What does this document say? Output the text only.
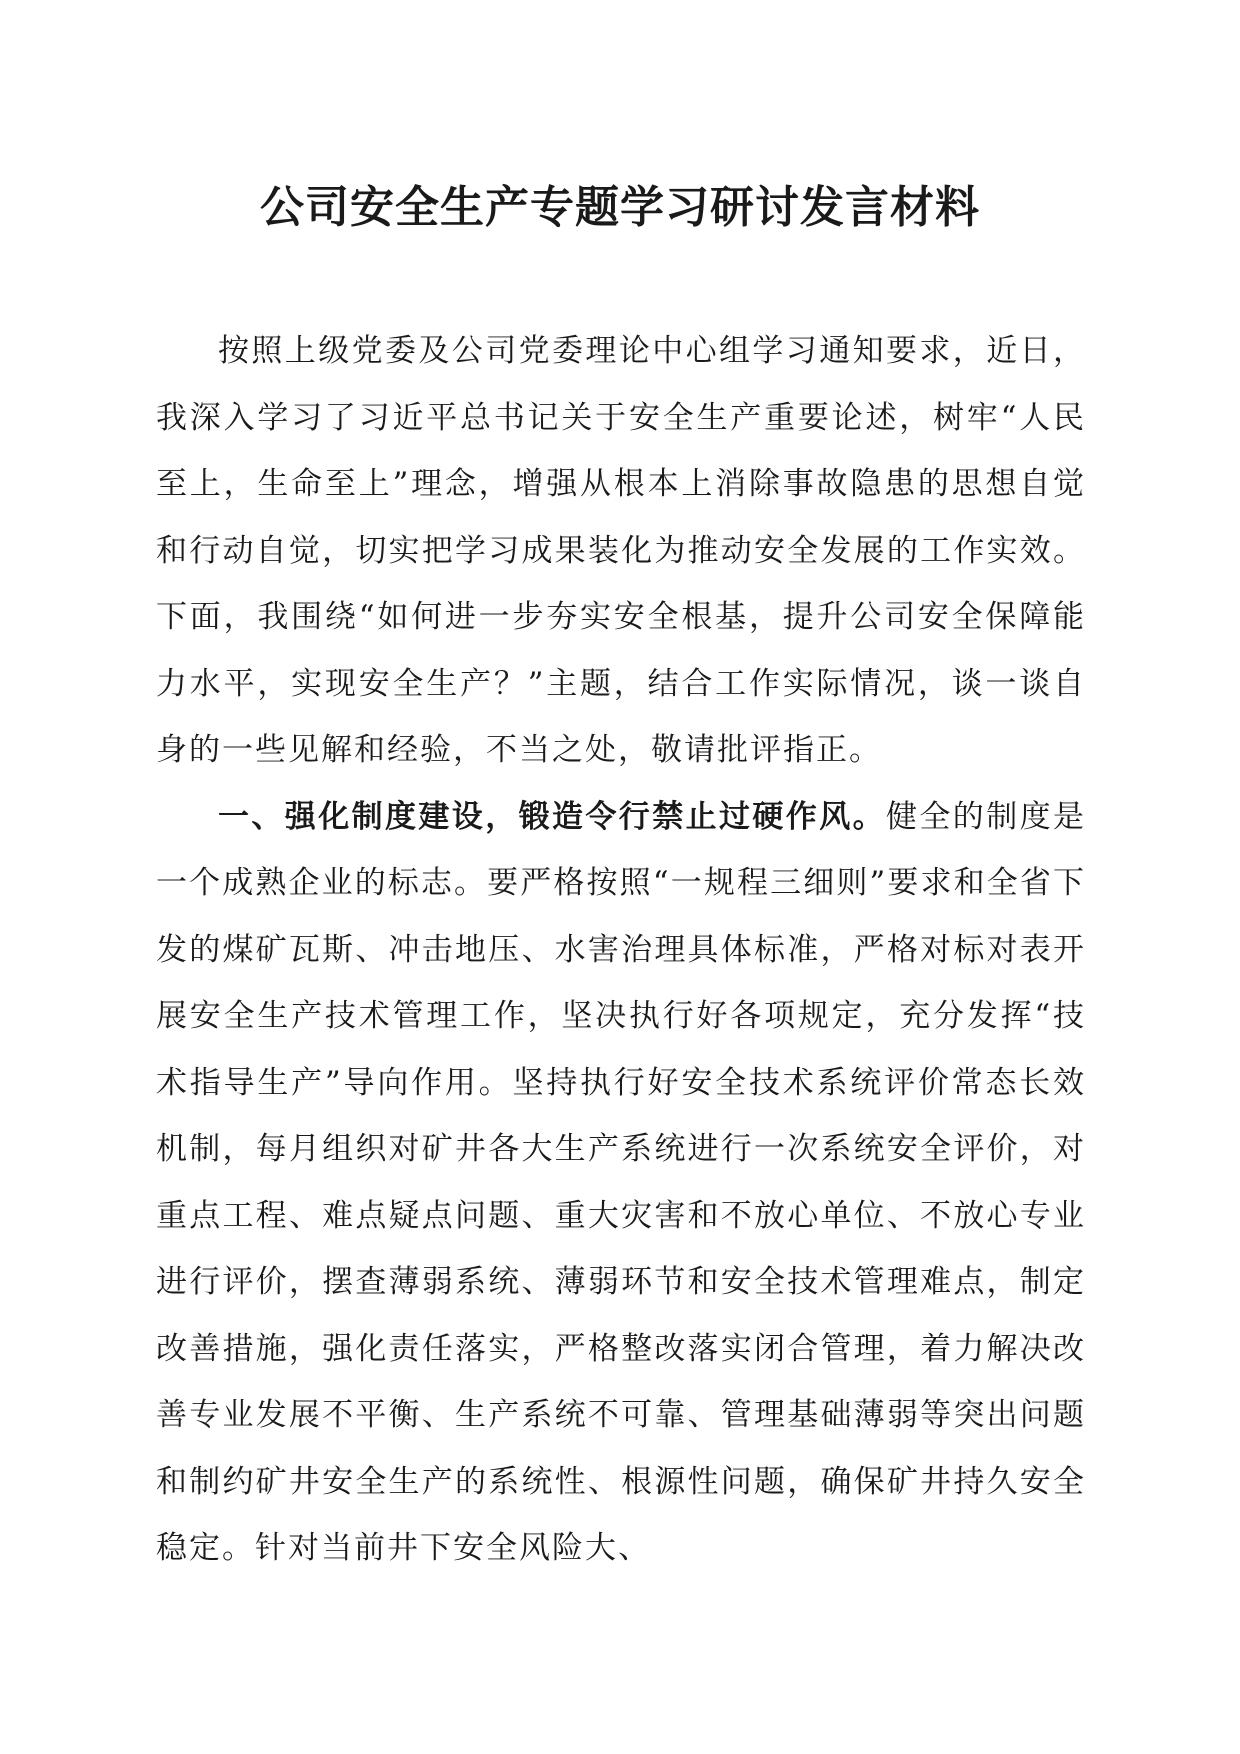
公司安全生产专题学习研讨发言材料

按照上级党委及公司党委理论中心组学习通知要求，近日，我深入学习了习近平总书记关于安全生产重要论述，树牢“人民至上，生命至上”理念，增强从根本上消除事故隐患的思想自觉和行动自觉，切实把学习成果装化为推动安全发展的工作实效。下面，我围绕“如何进一步夯实安全根基，提升公司安全保障能力水平，实现安全生产？”主题，结合工作实际情况，谈一谈自身的一些见解和经验，不当之处，敬请批评指正。

一、强化制度建设，锻造令行禁止过硬作风。健全的制度是一个成熟企业的标志。要严格按照“一规程三细则”要求和全省下发的煤矿瓦斯、冲击地压、水害治理具体标准，严格对标对表开展安全生产技术管理工作，坚决执行好各项规定，充分发挥“技术指导生产”导向作用。坚持执行好安全技术系统评价常态长效机制，每月组织对矿井各大生产系统进行一次系统安全评价，对重点工程、难点疑点问题、重大灾害和不放心单位、不放心专业进行评价，摆查薄弱系统、薄弱环节和安全技术管理难点，制定改善措施，强化责任落实，严格整改落实闭合管理，着力解决改善专业发展不平衡、生产系统不可靠、管理基础薄弱等突出问题和制约矿井安全生产的系统性、根源性问题，确保矿井持久安全稳定。针对当前井下安全风险大、
